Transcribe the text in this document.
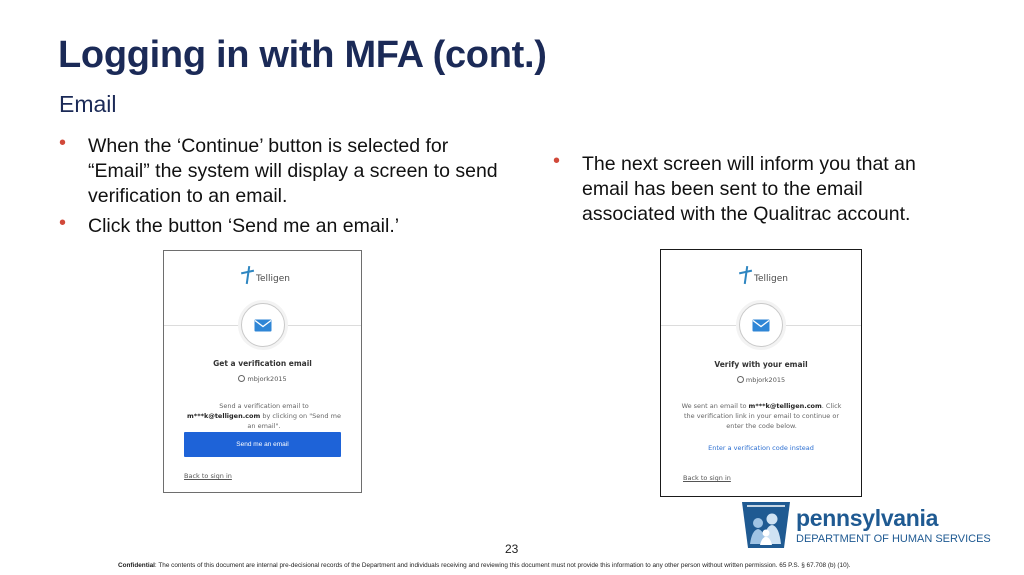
Logging in with MFA (cont.)
Email
• When the ‘Continue’ button is selected for “Email” the system will display a screen to send verification to an email.
• Click the button ‘Send me an email.’
• The next screen will inform you that an email has been sent to the email associated with the Qualitrac account.
Telligen
Get a verification email
mbjork2015
Send a verification email to m***k@telligen.com by clicking on "Send me an email".
Send me an email
Back to sign in
Telligen
Verify with your email
mbjork2015
We sent an email to m***k@telligen.com. Click the verification link in your email to continue or enter the code below.
Enter a verification code instead
Back to sign in
23
Confidential: The contents of this document are internal pre-decisional records of the Department and individuals receiving and reviewing this document must not provide this information to any other person without written permission. 65 P.S. § 67.708 (b) (10).
pennsylvania
DEPARTMENT OF HUMAN SERVICES
